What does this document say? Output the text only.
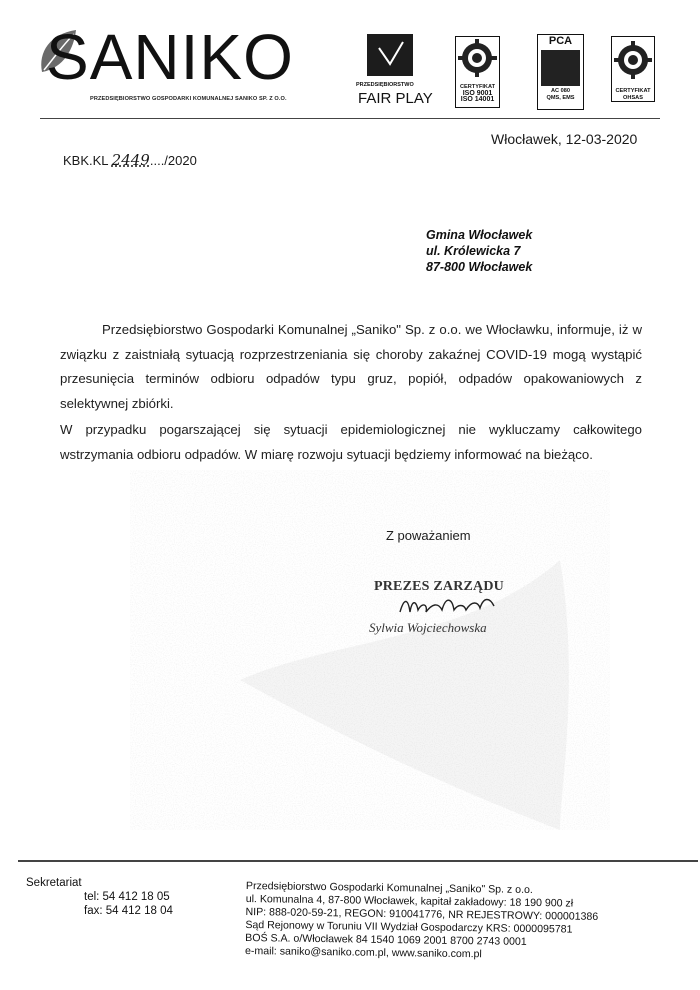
SANIKO
PRZEDSIĘBIORSTWO GOSPODARKI KOMUNALNEJ SANIKO SP. Z O.O.
PRZEDSIĘBIORSTWO
FAIR PLAY
CERTYFIKAT
ISO 9001
ISO 14001
PCA
AC 080
QMS, EMS
CERTYFIKAT
OHSAS
Włocławek, 12-03-2020
KBK.KL 2449..../2020
Gmina Włocławek
ul. Królewicka 7
87-800 Włocławek
Przedsiębiorstwo Gospodarki Komunalnej „Saniko" Sp. z o.o. we Włocławku, informuje, iż w związku z zaistniałą sytuacją rozprzestrzeniania się choroby zakaźnej COVID-19 mogą wystąpić przesunięcia terminów odbioru odpadów typu gruz, popiół, odpadów opakowaniowych z selektywnej zbiórki.
W przypadku pogarszającej się sytuacji epidemiologicznej nie wykluczamy całkowitego wstrzymania odbioru odpadów. W miarę rozwoju sytuacji będziemy informować na bieżąco.
Z poważaniem
PREZES ZARZĄDU
Sylwia Wojciechowska
Sekretariat
tel: 54 412 18 05
fax: 54 412 18 04
Przedsiębiorstwo Gospodarki Komunalnej „Saniko" Sp. z o.o.
ul. Komunalna 4, 87-800 Włocławek, kapitał zakładowy: 18 190 900 zł
NIP: 888-020-59-21, REGON: 910041776, NR REJESTROWY: 000001386
Sąd Rejonowy w Toruniu VII Wydział Gospodarczy KRS: 0000095781
BOŚ S.A. o/Włocławek 84 1540 1069 2001 8700 2743 0001
e-mail: saniko@saniko.com.pl, www.saniko.com.pl
